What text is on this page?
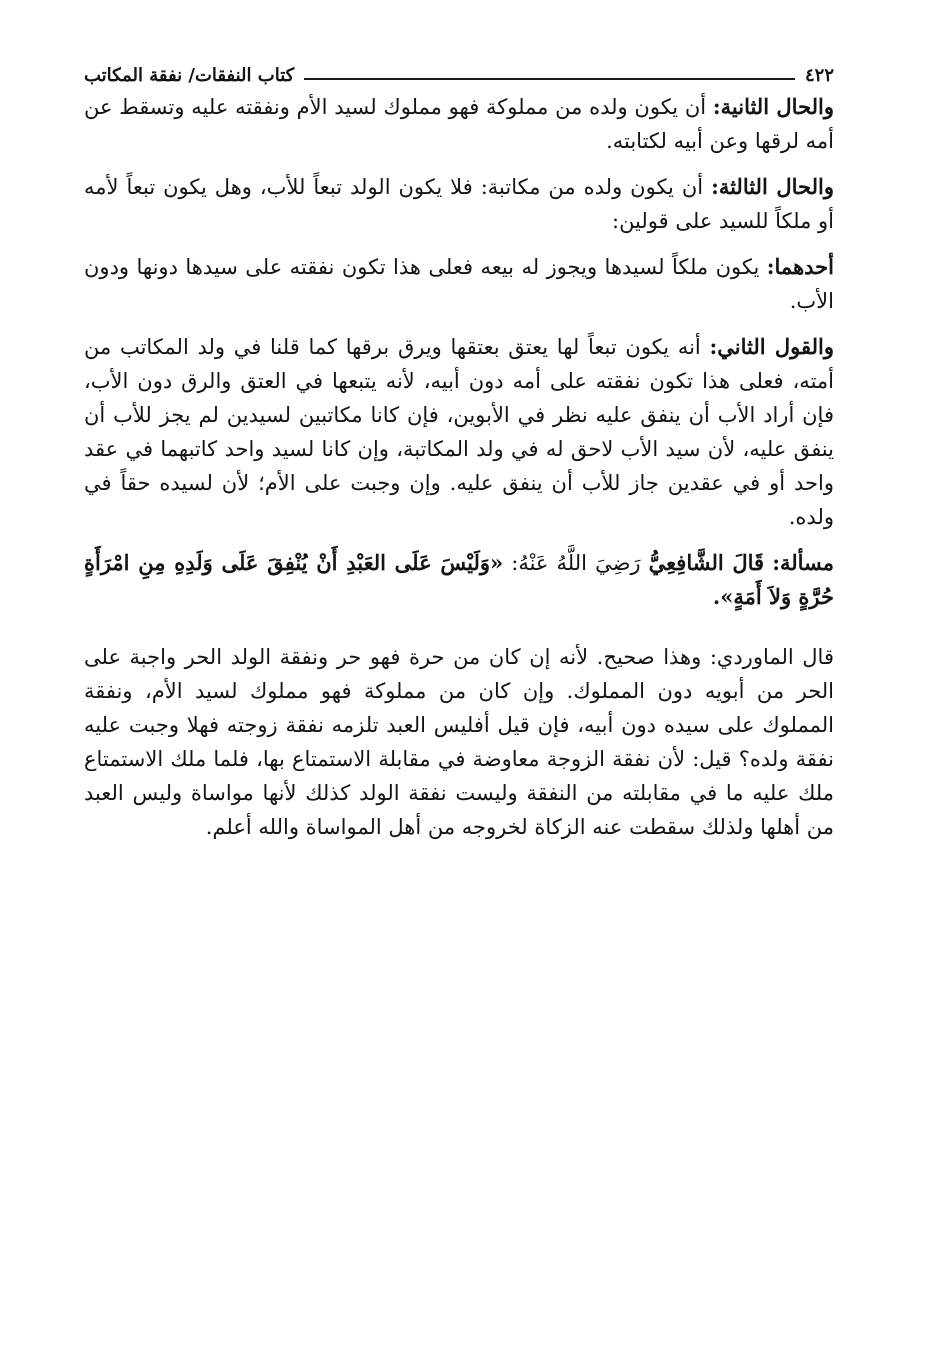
٤٢٢
كتاب النفقات/ نفقة المكاتب

والحال الثانية: أن يكون ولده من مملوكة فهو مملوك لسيد الأم ونفقته عليه وتسقط عن أمه لرقها وعن أبيه لكتابته.

والحال الثالثة: أن يكون ولده من مكاتبة: فلا يكون الولد تبعاً للأب، وهل يكون تبعاً لأمه أو ملكاً للسيد على قولين:

أحدهما: يكون ملكاً لسيدها ويجوز له بيعه فعلى هذا تكون نفقته على سيدها دونها ودون الأب.

والقول الثاني: أنه يكون تبعاً لها يعتق بعتقها ويرق برقها كما قلنا في ولد المكاتب من أمته، فعلى هذا تكون نفقته على أمه دون أبيه، لأنه يتبعها في العتق والرق دون الأب، فإن أراد الأب أن ينفق عليه نظر في الأبوين، فإن كانا مكاتبين لسيدين لم يجز للأب أن ينفق عليه، لأن سيد الأب لاحق له في ولد المكاتبة، وإن كانا لسيد واحد كاتبهما في عقد واحد أو في عقدين جاز للأب أن ينفق عليه. وإن وجبت على الأم؛ لأن لسيده حقاً في ولده.

مسألة: قَالَ الشَّافِعِيُّ رَضِيَ اللَّهُ عَنْهُ: «وَلَيْسَ عَلَى العَبْدِ أَنْ يُنْفِقَ عَلَى وَلَدِهِ مِنِ امْرَأَةٍ حُرَّةٍ وَلاَ أَمَةٍ».

قال الماوردي: وهذا صحيح. لأنه إن كان من حرة فهو حر ونفقة الولد الحر واجبة على الحر من أبويه دون المملوك. وإن كان من مملوكة فهو مملوك لسيد الأم، ونفقة المملوك على سيده دون أبيه، فإن قيل أفليس العبد تلزمه نفقة زوجته فهلا وجبت عليه نفقة ولده؟ قيل: لأن نفقة الزوجة معاوضة في مقابلة الاستمتاع بها، فلما ملك الاستمتاع ملك عليه ما في مقابلته من النفقة وليست نفقة الولد كذلك لأنها مواساة وليس العبد من أهلها ولذلك سقطت عنه الزكاة لخروجه من أهل المواساة والله أعلم.
